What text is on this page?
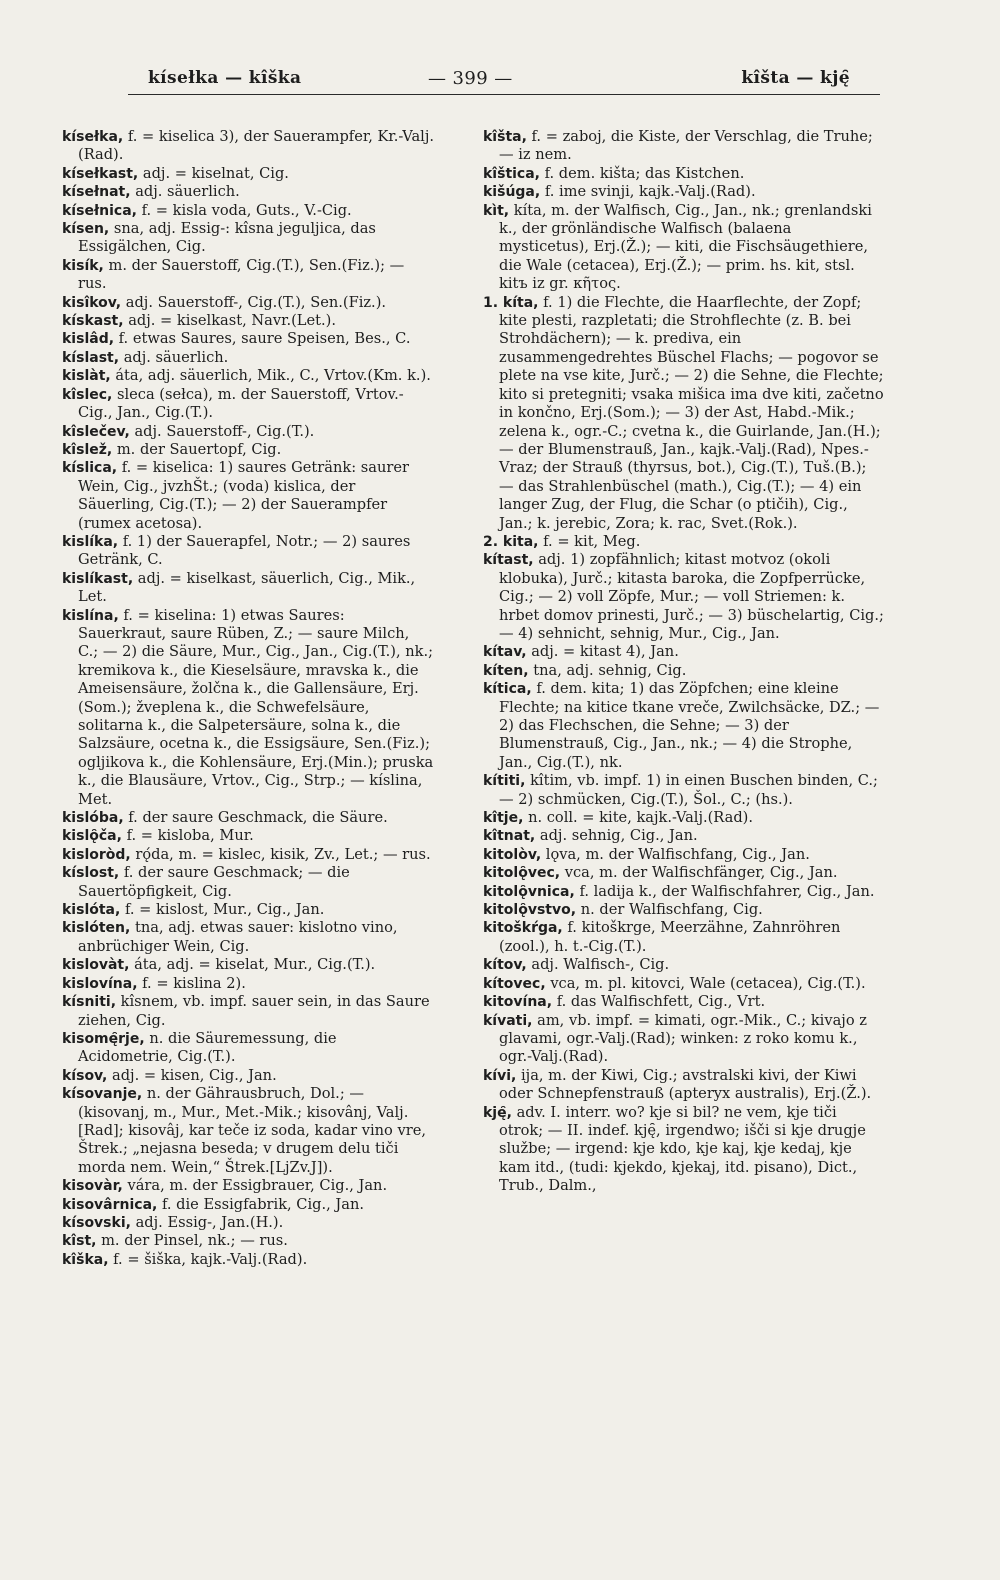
kísełka — kîška	— 399 —	kîšta — kję̑

kísełka, f. = kiselica 3), der Sauerampfer, Kr.-Valj.(Rad).

kísełkast, adj. = kiselnat, Cig.

kísełnat, adj. säuerlich.

kísełnica, f. = kisla voda, Guts., V.-Cig.

kísen, sna, adj. Essig-: kîsna jeguljica, das Essigälchen, Cig.

kisík, m. der Sauerstoff, Cig.(T.), Sen.(Fiz.); — rus.

kisîkov, adj. Sauerstoff-, Cig.(T.), Sen.(Fiz.).

kískast, adj. = kiselkast, Navr.(Let.).

kislâd, f. etwas Saures, saure Speisen, Bes., C.

kíslast, adj. säuerlich.

kislàt, áta, adj. säuerlich, Mik., C., Vrtov.(Km. k.).

kîslec, sleca (sełca), m. der Sauerstoff, Vrtov.-Cig., Jan., Cig.(T.).

kîslečev, adj. Sauerstoff-, Cig.(T.).

kîslež, m. der Sauertopf, Cig.

kíslica, f. = kiselica: 1) saures Getränk: saurer Wein, Cig., jvzhŠt.; (voda) kislica, der Säuerling, Cig.(T.); — 2) der Sauerampfer (rumex acetosa).

kislíka, f. 1) der Sauerapfel, Notr.; — 2) saures Getränk, C.

kislíkast, adj. = kiselkast, säuerlich, Cig., Mik., Let.

kislína, f. = kiselina: 1) etwas Saures: Sauerkraut, saure Rüben, Z.; — saure Milch, C.; — 2) die Säure, Mur., Cig., Jan., Cig.(T.), nk.; kremikova k., die Kieselsäure, mravska k., die Ameisensäure, žolčna k., die Gallensäure, Erj.(Som.); žveplena k., die Schwefelsäure, solitarna k., die Salpetersäure, solna k., die Salzsäure, ocetna k., die Essigsäure, Sen.(Fiz.); ogljikova k., die Kohlensäure, Erj.(Min.); pruska k., die Blausäure, Vrtov., Cig., Strp.; — kíslina, Met.

kislóba, f. der saure Geschmack, die Säure.

kislǫ̑ča, f. = kisloba, Mur.

kisloròd, rǫ́da, m. = kislec, kisik, Zv., Let.; — rus.

kíslost, f. der saure Geschmack; — die Sauertöpfigkeit, Cig.

kislóta, f. = kislost, Mur., Cig., Jan.

kislóten, tna, adj. etwas sauer: kislotno vino, anbrüchiger Wein, Cig.

kislovàt, áta, adj. = kiselat, Mur., Cig.(T.).

kislovína, f. = kislina 2).

kísniti, kîsnem, vb. impf. sauer sein, in das Saure ziehen, Cig.

kisomę̑rje, n. die Säuremessung, die Acidometrie, Cig.(T.).

kísov, adj. = kisen, Cig., Jan.

kísovanje, n. der Gährausbruch, Dol.; — (kisovanj, m., Mur., Met.-Mik.; kisovânj, Valj. [Rad]; kisovâj, kar teče iz soda, kadar vino vre, Štrek.; „nejasna beseda; v drugem delu tiči morda nem. Wein,“ Štrek.[LjZv.J]).

kisovàr, vára, m. der Essigbrauer, Cig., Jan.

kisovârnica, f. die Essigfabrik, Cig., Jan.

kísovski, adj. Essig-, Jan.(H.).

kîst, m. der Pinsel, nk.; — rus.

kîška, f. = šiška, kajk.-Valj.(Rad).

kîšta, f. = zaboj, die Kiste, der Verschlag, die Truhe; — iz nem.

kîštica, f. dem. kišta; das Kistchen.

kišúga, f. ime svinji, kajk.-Valj.(Rad).

kìt, kíta, m. der Walfisch, Cig., Jan., nk.; grenlandski k., der grönländische Walfisch (balaena mysticetus), Erj.(Ž.); — kiti, die Fischsäugethiere, die Wale (cetacea), Erj.(Ž.); — prim. hs. kit, stsl. kitъ iz gr. κῆτος.

1. kíta, f. 1) die Flechte, die Haarflechte, der Zopf; kite plesti, razpletati; die Strohflechte (z. B. bei Strohdächern); — k. prediva, ein zusammengedrehtes Büschel Flachs; — pogovor se plete na vse kite, Jurč.; — 2) die Sehne, die Flechte; kito si pretegniti; vsaka mišica ima dve kiti, začetno in končno, Erj.(Som.); — 3) der Ast, Habd.-Mik.; zelena k., ogr.-C.; cvetna k., die Guirlande, Jan.(H.); — der Blumenstrauß, Jan., kajk.-Valj.(Rad), Npes.-Vraz; der Strauß (thyrsus, bot.), Cig.(T.), Tuš.(B.); — das Strahlenbüschel (math.), Cig.(T.); — 4) ein langer Zug, der Flug, die Schar (o ptičih), Cig., Jan.; k. jerebic, Zora; k. rac, Svet.(Rok.).

2. kita, f. = kit, Meg.

kítast, adj. 1) zopfähnlich; kitast motvoz (okoli klobuka), Jurč.; kitasta baroka, die Zopfperrücke, Cig.; — 2) voll Zöpfe, Mur.; — voll Striemen: k. hrbet domov prinesti, Jurč.; — 3) büschelartig, Cig.; — 4) sehnicht, sehnig, Mur., Cig., Jan.

kítav, adj. = kitast 4), Jan.

kíten, tna, adj. sehnig, Cig.

kítica, f. dem. kita; 1) das Zöpfchen; eine kleine Flechte; na kitice tkane vreče, Zwilchsäcke, DZ.; — 2) das Flechschen, die Sehne; — 3) der Blumenstrauß, Cig., Jan., nk.; — 4) die Strophe, Jan., Cig.(T.), nk.

kítiti, kîtim, vb. impf. 1) in einen Buschen binden, C.; — 2) schmücken, Cig.(T.), Šol., C.; (hs.).

kîtje, n. coll. = kite, kajk.-Valj.(Rad).

kîtnat, adj. sehnig, Cig., Jan.

kitolòv, lǫva, m. der Walfischfang, Cig., Jan.

kitolǫ̑vec, vca, m. der Walfischfänger, Cig., Jan.

kitolǫ̑vnica, f. ladija k., der Walfischfahrer, Cig., Jan.

kitolǫ̑vstvo, n. der Walfischfang, Cig.

kitoškŕga, f. kitoškrge, Meerzähne, Zahnröhren (zool.), h. t.-Cig.(T.).

kítov, adj. Walfisch-, Cig.

kítovec, vca, m. pl. kitovci, Wale (cetacea), Cig.(T.).

kitovína, f. das Walfischfett, Cig., Vrt.

kívati, am, vb. impf. = kimati, ogr.-Mik., C.; kivajo z glavami, ogr.-Valj.(Rad); winken: z roko komu k., ogr.-Valj.(Rad).

kívi, ija, m. der Kiwi, Cig.; avstralski kivi, der Kiwi oder Schnepfenstrauß (apteryx australis), Erj.(Ž.).

kję̑, adv. I. interr. wo? kje si bil? ne vem, kje tiči otrok; — II. indef. kję̑, irgendwo; išči si kje drugje službe; — irgend: kje kdo, kje kaj, kje kedaj, kje kam itd., (tudi: kjekdo, kjekaj, itd. pisano), Dict., Trub., Dalm.,
